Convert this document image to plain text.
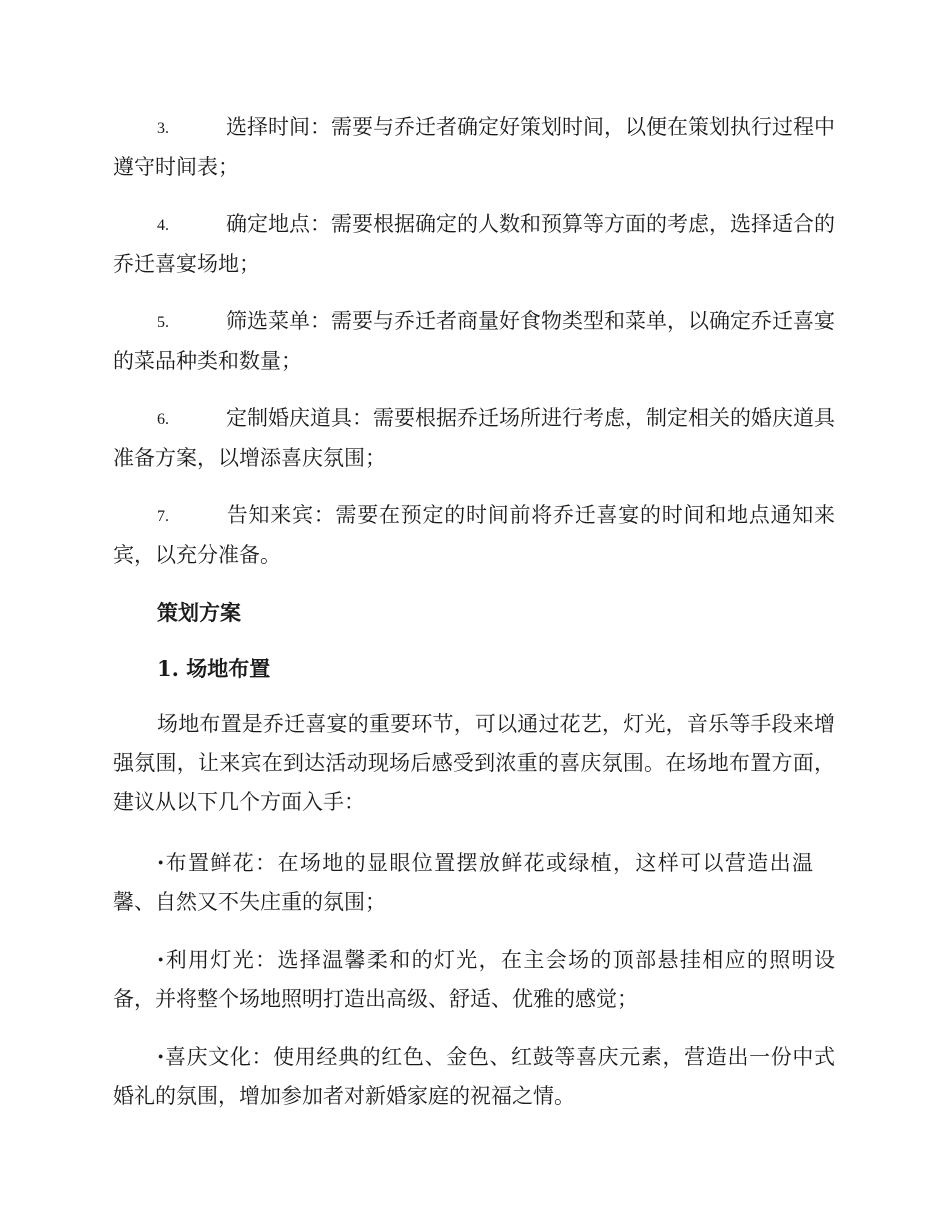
3.	选择时间：需要与乔迁者确定好策划时间，以便在策划执行过程中遵守时间表；

4.	确定地点：需要根据确定的人数和预算等方面的考虑，选择适合的乔迁喜宴场地；

5.	筛选菜单：需要与乔迁者商量好食物类型和菜单，以确定乔迁喜宴的菜品种类和数量；

6.	定制婚庆道具：需要根据乔迁场所进行考虑，制定相关的婚庆道具准备方案，以增添喜庆氛围；

7.	告知来宾：需要在预定的时间前将乔迁喜宴的时间和地点通知来宾，以充分准备。

策划方案

1. 场地布置

场地布置是乔迁喜宴的重要环节，可以通过花艺，灯光，音乐等手段来增强氛围，让来宾在到达活动现场后感受到浓重的喜庆氛围。在场地布置方面，建议从以下几个方面入手：

·布置鲜花：在场地的显眼位置摆放鲜花或绿植，这样可以营造出温馨、自然又不失庄重的氛围；

·利用灯光：选择温馨柔和的灯光，在主会场的顶部悬挂相应的照明设备，并将整个场地照明打造出高级、舒适、优雅的感觉；

·喜庆文化：使用经典的红色、金色、红鼓等喜庆元素，营造出一份中式婚礼的氛围，增加参加者对新婚家庭的祝福之情。
